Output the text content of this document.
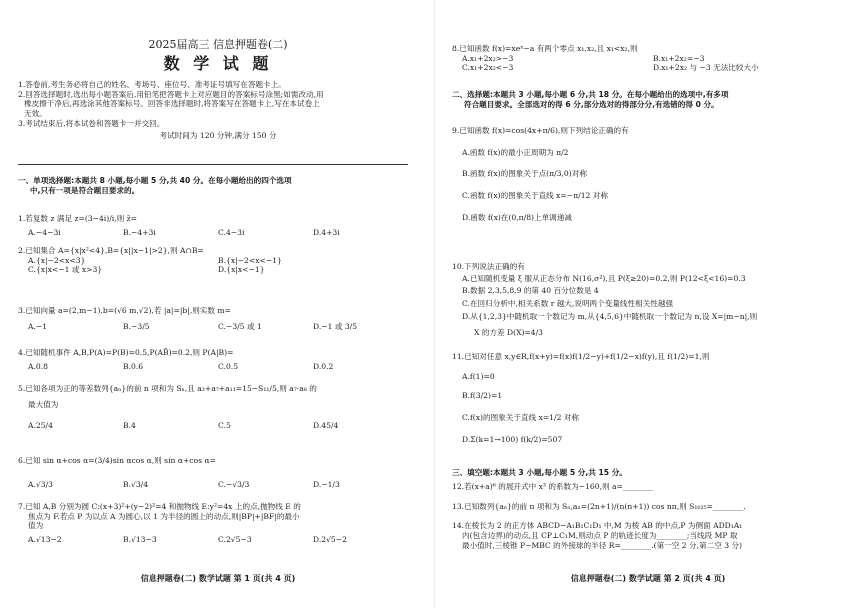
2025届高三 信息押题卷(二)

数 学 试 题

1.答卷前,考生务必将自己的姓名、考场号、座位号、准考证号填写在答题卡上。

2.回答选择题时,选出每小题答案后,用铅笔把答题卡上对应题目的答案标号涂黑;如需改动,用

橡皮擦干净后,再选涂其他答案标号。回答非选择题时,将答案写在答题卡上,写在本试卷上

无效。

3.考试结束后,将本试卷和答题卡一并交回。

考试时间为 120 分钟,满分 150 分

一、单项选择题:本题共 8 小题,每小题 5 分,共 40 分。在每小题给出的四个选项

中,只有一项是符合题目要求的。

1.若复数 z 满足 z=(3−4i)/i,则 z̄=

A.−4−3i	B.−4+3i	C.4−3i	D.4+3i

2.已知集合 A={x|x²<4},B={x||x−1|>2},则 A∩B=

A.{x|−2<x<3}	B.{x|−2<x<−1}
C.{x|x<−1 或 x>3}	D.{x|x<−1}

3.已知向量 a=(2,m−1),b=(√6 m,√2),若 |a|=|b|,则实数 m=

A.−1	B.−3/5	C.−3/5 或 1	D.−1 或 3/5

4.已知随机事件 A,B,P(A)=P(B)=0.5,P(AB̄)=0.2,则 P(A|B)=

A.0.8	B.0.6	C.0.5	D.0.2

5.已知各项为正的等差数列{aₙ}的前 n 项和为 Sₙ,且 a₃+a₇+a₁₁=15−S₁₁/5,则 a₇·a₈ 的

最大值为

A.25/4	B.4	C.5	D.45/4

6.已知 sin α+cos α=(3/4)sin αcos α,则 sin α+cos α=

A.√3/3	B.√3/4	C.−√3/3	D.−1/3

7.已知 A,B 分别为圆 C:(x+3)²+(y−2)²=4 和抛物线 E:y²=4x 上的点,抛物线 E 的

焦点为 F.若点 P 为以点 A 为圆心,以 1 为半径的圆上的动点,则|BP|+|BF|的最小

值为

A.√13−2	B.√13−3	C.2√5−3	D.2√5−2

信息押题卷(二) 数学试题 第 1 页(共 4 页)

8.已知函数 f(x)=xeˣ−a 有两个零点 x₁,x₂,且 x₁<x₂,则

A.x₁+2x₂>−3	B.x₁+2x₂=−3
C.x₁+2x₂<−3	D.x₁+2x₂ 与 −3 无法比较大小

二、选择题:本题共 3 小题,每小题 6 分,共 18 分。在每小题给出的选项中,有多项

符合题目要求。全部选对的得 6 分,部分选对的得部分分,有选错的得 0 分。

9.已知函数 f(x)=cos(4x+π/6),则下列结论正确的有

A.函数 f(x)的最小正周期为 π/2

B.函数 f(x)的图象关于点(π/3,0)对称

C.函数 f(x)的图象关于直线 x=−π/12 对称

D.函数 f(x)在(0,π/8)上单调递减

10.下列说法正确的有

A.已知随机变量 ξ 服从正态分布 N(16,σ²),且 P(ξ≥20)=0.2,则 P(12<ξ<16)=0.3

B.数据 2,3,5,8,9 的第 40 百分位数是 4

C.在回归分析中,相关系数 r 越大,说明两个变量线性相关性越强

D.从{1,2,3}中随机取一个数记为 m,从{4,5,6}中随机取一个数记为 n,设 X=|m−n|,则

X 的方差 D(X)=4/3

11.已知对任意 x,y∈R,f(x+y)=f(x)f(1/2−y)+f(1/2−x)f(y),且 f(1/2)=1,则

A.f(1)=0

B.f(3/2)=1

C.f(x)的图象关于直线 x=1/2 对称

D.Σ(k=1→100) f(k/2)=507

三、填空题:本题共 3 小题,每小题 5 分,共 15 分。

12.若(x+a)⁶ 的展开式中 x³ 的系数为−160,则 a=________

13.已知数列{aₙ}的前 n 项和为 Sₙ,aₙ=(2n+1)/(n(n+1)) cos nπ,则 S₁₀₂₅=________.

14.在棱长为 2 的正方体 ABCD−A₁B₁C₁D₁ 中,M 为棱 AB 的中点,P 为侧面 ADD₁A₁

内(包含边界)的动点,且 CP⊥C₁M,则动点 P 的轨迹长度为________;当线段 MP 取

最小值时,三棱锥 P−MBC 的外接球的半径 R=________.(第一空 2 分,第二空 3 分)

信息押题卷(二) 数学试题 第 2 页(共 4 页)
